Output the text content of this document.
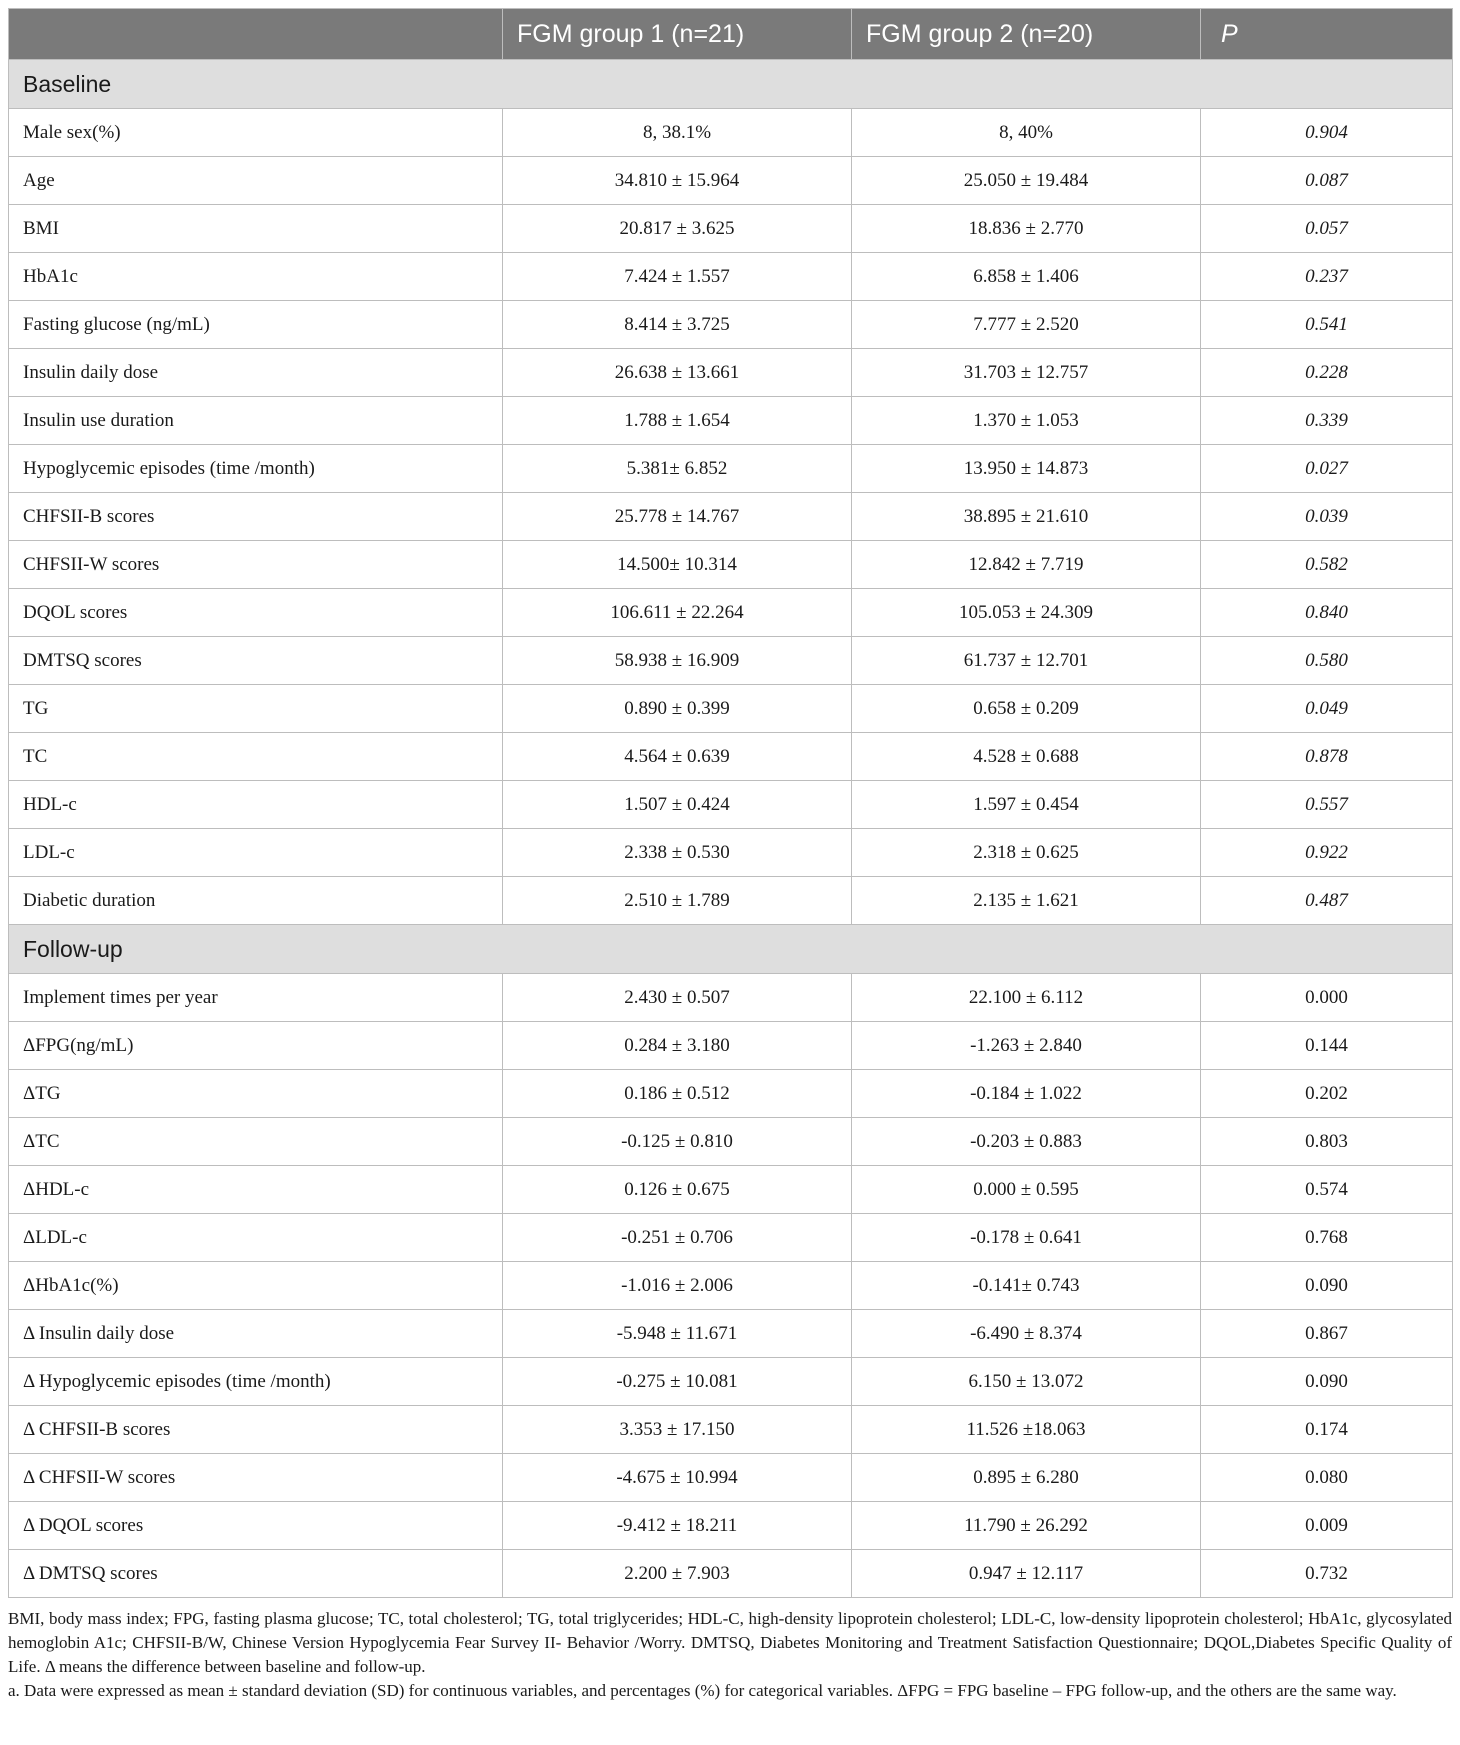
	FGM group 1 (n=21)	FGM group 2 (n=20)	P
Baseline			
Male sex(%)	8, 38.1%	8, 40%	0.904
Age	34.810 ± 15.964	25.050 ± 19.484	0.087
BMI	20.817 ± 3.625	18.836 ± 2.770	0.057
HbA1c	7.424 ± 1.557	6.858 ± 1.406	0.237
Fasting glucose (ng/mL)	8.414 ± 3.725	7.777 ± 2.520	0.541
Insulin daily dose	26.638 ± 13.661	31.703 ± 12.757	0.228
Insulin use duration	1.788 ± 1.654	1.370 ± 1.053	0.339
Hypoglycemic episodes (time /month)	5.381± 6.852	13.950 ± 14.873	0.027
CHFSII-B scores	25.778 ± 14.767	38.895 ± 21.610	0.039
CHFSII-W scores	14.500± 10.314	12.842 ± 7.719	0.582
DQOL scores	106.611 ± 22.264	105.053 ± 24.309	0.840
DMTSQ scores	58.938 ± 16.909	61.737 ± 12.701	0.580
TG	0.890 ± 0.399	0.658 ± 0.209	0.049
TC	4.564 ± 0.639	4.528 ± 0.688	0.878
HDL-c	1.507 ± 0.424	1.597 ± 0.454	0.557
LDL-c	2.338 ± 0.530	2.318 ± 0.625	0.922
Diabetic duration	2.510 ± 1.789	2.135 ± 1.621	0.487
Follow-up			
Implement times per year	2.430 ± 0.507	22.100 ± 6.112	0.000
ΔFPG(ng/mL)	0.284 ± 3.180	-1.263 ± 2.840	0.144
ΔTG	0.186 ± 0.512	-0.184 ± 1.022	0.202
ΔTC	-0.125 ± 0.810	-0.203 ± 0.883	0.803
ΔHDL-c	0.126 ± 0.675	0.000 ± 0.595	0.574
ΔLDL-c	-0.251 ± 0.706	-0.178 ± 0.641	0.768
ΔHbA1c(%)	-1.016 ± 2.006	-0.141± 0.743	0.090
Δ Insulin daily dose	-5.948 ± 11.671	-6.490 ± 8.374	0.867
Δ Hypoglycemic episodes (time /month)	-0.275 ± 10.081	6.150 ± 13.072	0.090
Δ CHFSII-B scores	3.353 ± 17.150	11.526 ±18.063	0.174
Δ CHFSII-W scores	-4.675 ± 10.994	0.895 ± 6.280	0.080
Δ DQOL scores	-9.412 ± 18.211	11.790 ± 26.292	0.009
Δ DMTSQ scores	2.200 ± 7.903	0.947 ± 12.117	0.732

BMI, body mass index; FPG, fasting plasma glucose; TC, total cholesterol; TG, total triglycerides; HDL-C, high-density lipoprotein cholesterol; LDL-C, low-density lipoprotein cholesterol; HbA1c, glycosylated hemoglobin A1c; CHFSII-B/W, Chinese Version Hypoglycemia Fear Survey II- Behavior /Worry. DMTSQ, Diabetes Monitoring and Treatment Satisfaction Questionnaire; DQOL,Diabetes Specific Quality of Life. Δ means the difference between baseline and follow-up.

a. Data were expressed as mean ± standard deviation (SD) for continuous variables, and percentages (%) for categorical variables. ΔFPG = FPG baseline – FPG follow-up, and the others are the same way.
